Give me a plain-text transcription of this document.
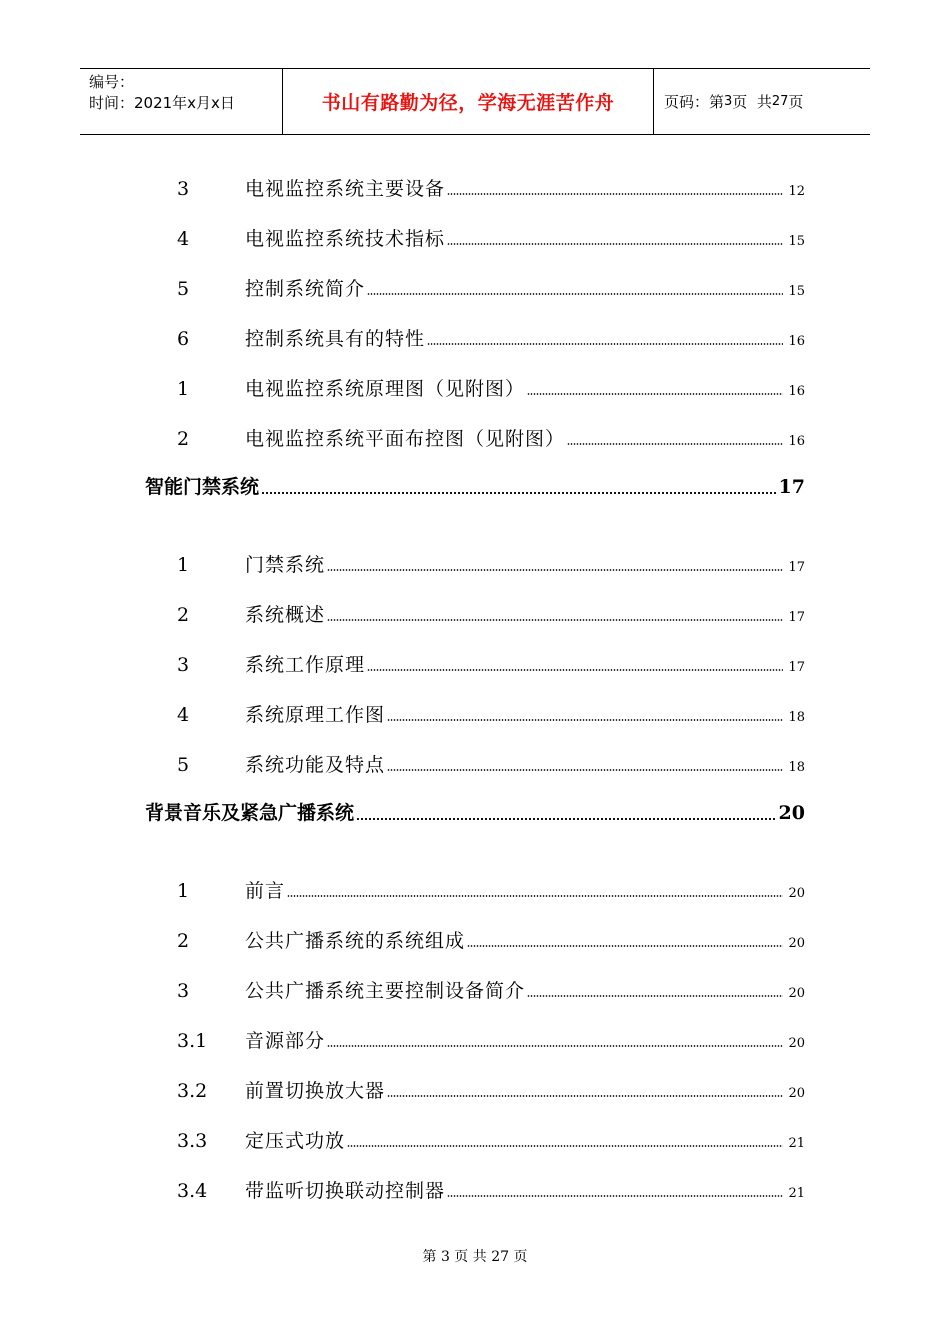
编号：
时间：2021年x月x日	书山有路勤为径，学海无涯苦作舟	页码：第 3 页  共 27 页
3	电视监控系统主要设备	12
4	电视监控系统技术指标	15
5	控制系统简介	15
6	控制系统具有的特性	16
1	电视监控系统原理图（见附图）	16
2	电视监控系统平面布控图（见附图）	16
智能门禁系统	17
1	门禁系统	17
2	系统概述	17
3	系统工作原理	17
4	系统原理工作图	18
5	系统功能及特点	18
背景音乐及紧急广播系统	20
1	前言	20
2	公共广播系统的系统组成	20
3	公共广播系统主要控制设备简介	20
3.1	音源部分	20
3.2	前置切换放大器	20
3.3	定压式功放	21
3.4	带监听切换联动控制器	21
第 3 页 共 27 页
